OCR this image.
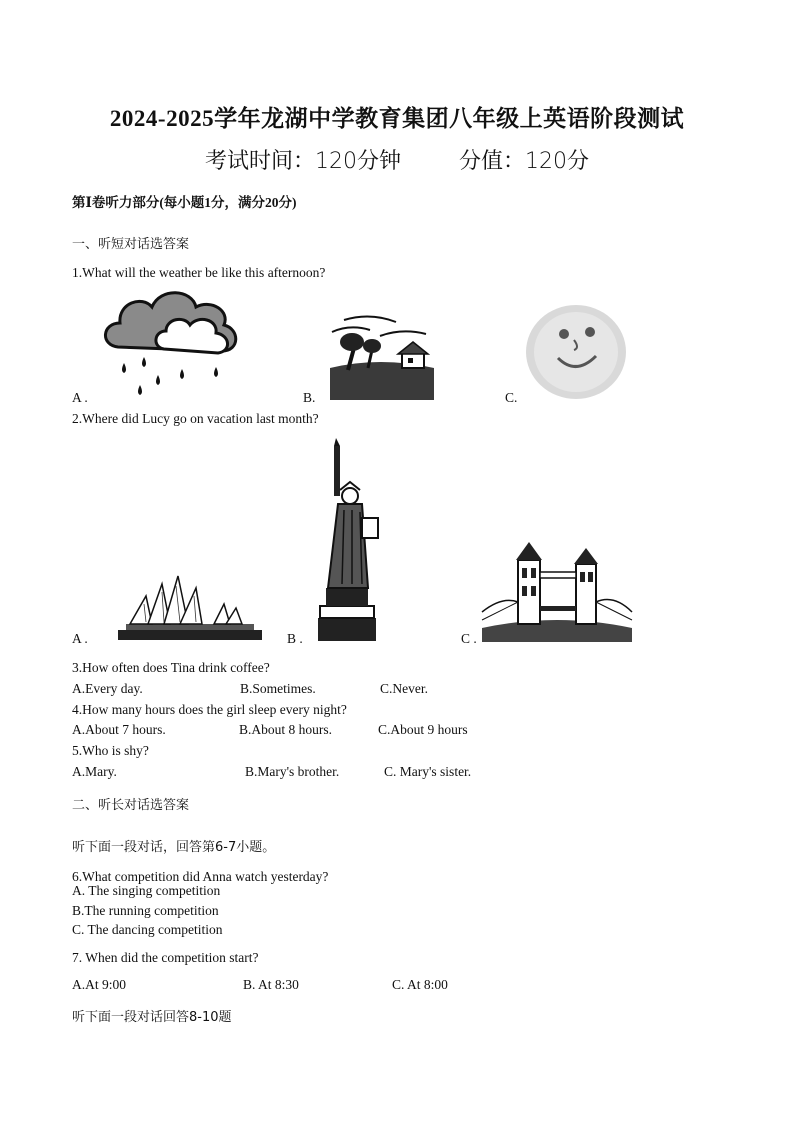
2024-2025学年龙湖中学教育集团八年级上英语阶段测试
考试时间：120分钟	分值：120分
第Ⅰ卷听力部分(每小题1分，满分20分)
一、听短对话选答案
1.What will the weather be like this afternoon?
A .	B.	C.
2.Where did Lucy go on vacation last month?
A .	B .	C .
3.How often does Tina drink coffee?
A.Every day.	B.Sometimes.	C.Never.
4.How many hours does the girl sleep every night?
A.About 7 hours.	B.About 8 hours.	C.About 9 hours
5.Who is shy?
A.Mary.	B.Mary's brother.	C. Mary's sister.
二、听长对话选答案
听下面一段对话，回答第6-7小题。
6.What competition did Anna watch yesterday?
A. The singing competition
B.The running competition
C. The dancing competition
7. When did the competition start?
A.At 9:00	B. At 8:30	C. At 8:00
听下面一段对话回答8-10题
